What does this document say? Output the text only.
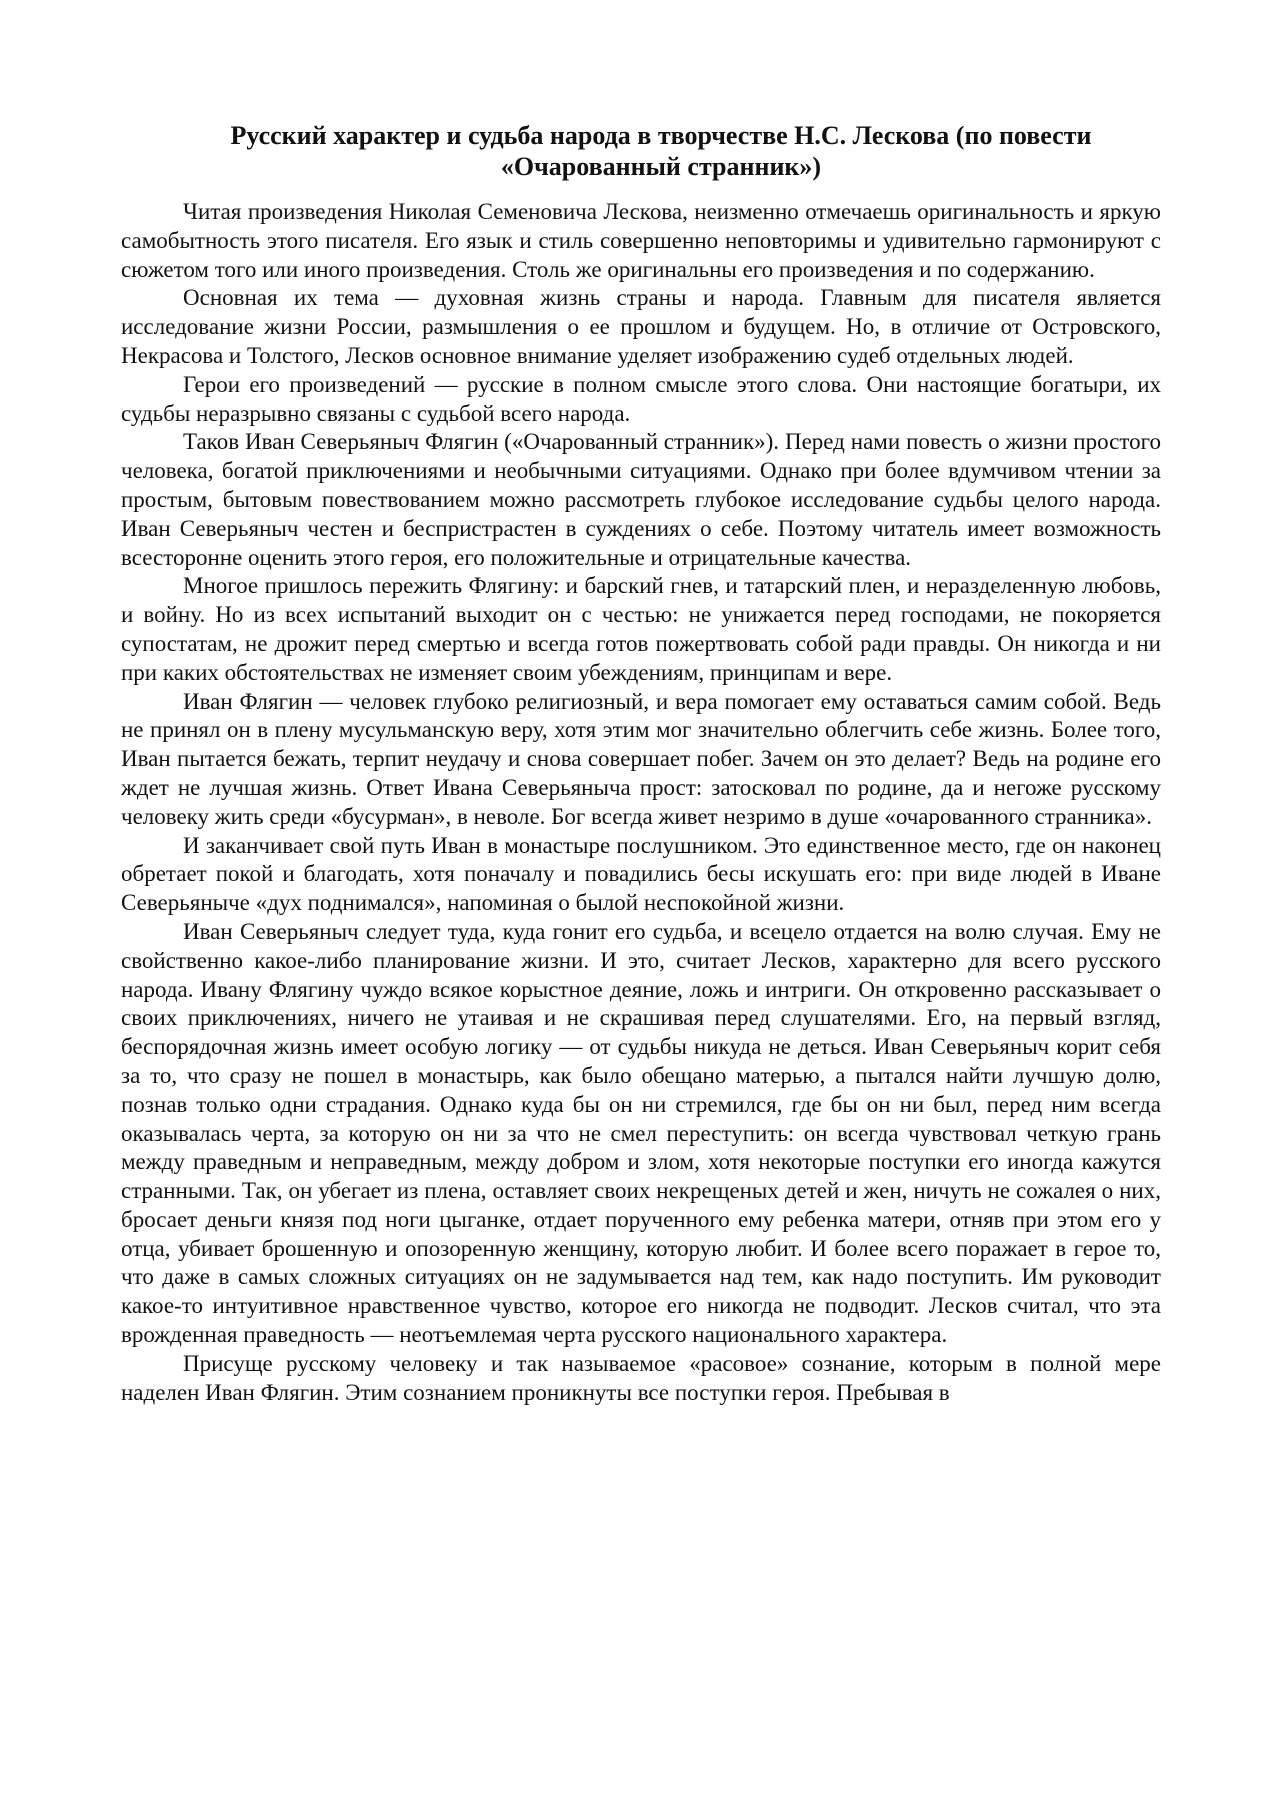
Русский характер и судьба народа в творчестве Н.С. Лескова (по повести «Очарованный странник»)

Читая произведения Николая Семеновича Лескова, неизменно отмечаешь оригинальность и яркую самобытность этого писателя. Его язык и стиль совершенно неповторимы и удивительно гармонируют с сюжетом того или иного произведения. Столь же оригинальны его произведения и по содержанию.

Основная их тема — духовная жизнь страны и народа. Главным для писателя является исследование жизни России, размышления о ее прошлом и будущем. Но, в отличие от Островского, Некрасова и Толстого, Лесков основное внимание уделяет изображению судеб отдельных людей.

Герои его произведений — русские в полном смысле этого слова. Они настоящие богатыри, их судьбы неразрывно связаны с судьбой всего народа.

Таков Иван Северьяныч Флягин («Очарованный странник»). Перед нами повесть о жизни простого человека, богатой приключениями и необычными ситуациями. Однако при более вдумчивом чтении за простым, бытовым повествованием можно рассмотреть глубокое исследование судьбы целого народа. Иван Северьяныч честен и беспристрастен в суждениях о себе. Поэтому читатель имеет возможность всесторонне оценить этого героя, его положительные и отрицательные качества.

Многое пришлось пережить Флягину: и барский гнев, и татарский плен, и неразделенную любовь, и войну. Но из всех испытаний выходит он с честью: не унижается перед господами, не покоряется супостатам, не дрожит перед смертью и всегда готов пожертвовать собой ради правды. Он никогда и ни при каких обстоятельствах не изменяет своим убеждениям, принципам и вере.

Иван Флягин — человек глубоко религиозный, и вера помогает ему оставаться самим собой. Ведь не принял он в плену мусульманскую веру, хотя этим мог значительно облегчить себе жизнь. Более того, Иван пытается бежать, терпит неудачу и снова совершает побег. Зачем он это делает? Ведь на родине его ждет не лучшая жизнь. Ответ Ивана Северьяныча прост: затосковал по родине, да и негоже русскому человеку жить среди «бусурман», в неволе. Бог всегда живет незримо в душе «очарованного странника».

И заканчивает свой путь Иван в монастыре послушником. Это единственное место, где он наконец обретает покой и благодать, хотя поначалу и повадились бесы искушать его: при виде людей в Иване Северьяныче «дух поднимался», напоминая о былой неспокойной жизни.

Иван Северьяныч следует туда, куда гонит его судьба, и всецело отдается на волю случая. Ему не свойственно какое-либо планирование жизни. И это, считает Лесков, характерно для всего русского народа. Ивану Флягину чуждо всякое корыстное деяние, ложь и интриги. Он откровенно рассказывает о своих приключениях, ничего не утаивая и не скрашивая перед слушателями. Его, на первый взгляд, беспорядочная жизнь имеет особую логику — от судьбы никуда не деться. Иван Северьяныч корит себя за то, что сразу не пошел в монастырь, как было обещано матерью, а пытался найти лучшую долю, познав только одни страдания. Однако куда бы он ни стремился, где бы он ни был, перед ним всегда оказывалась черта, за которую он ни за что не смел переступить: он всегда чувствовал четкую грань между праведным и неправедным, между добром и злом, хотя некоторые поступки его иногда кажутся странными. Так, он убегает из плена, оставляет своих некрещеных детей и жен, ничуть не сожалея о них, бросает деньги князя под ноги цыганке, отдает порученного ему ребенка матери, отняв при этом его у отца, убивает брошенную и опозоренную женщину, которую любит. И более всего поражает в герое то, что даже в самых сложных ситуациях он не задумывается над тем, как надо поступить. Им руководит какое-то интуитивное нравственное чувство, которое его никогда не подводит. Лесков считал, что эта врожденная праведность — неотъемлемая черта русского национального характера.

Присуще русскому человеку и так называемое «расовое» сознание, которым в полной мере наделен Иван Флягин. Этим сознанием проникнуты все поступки героя. Пребывая в
